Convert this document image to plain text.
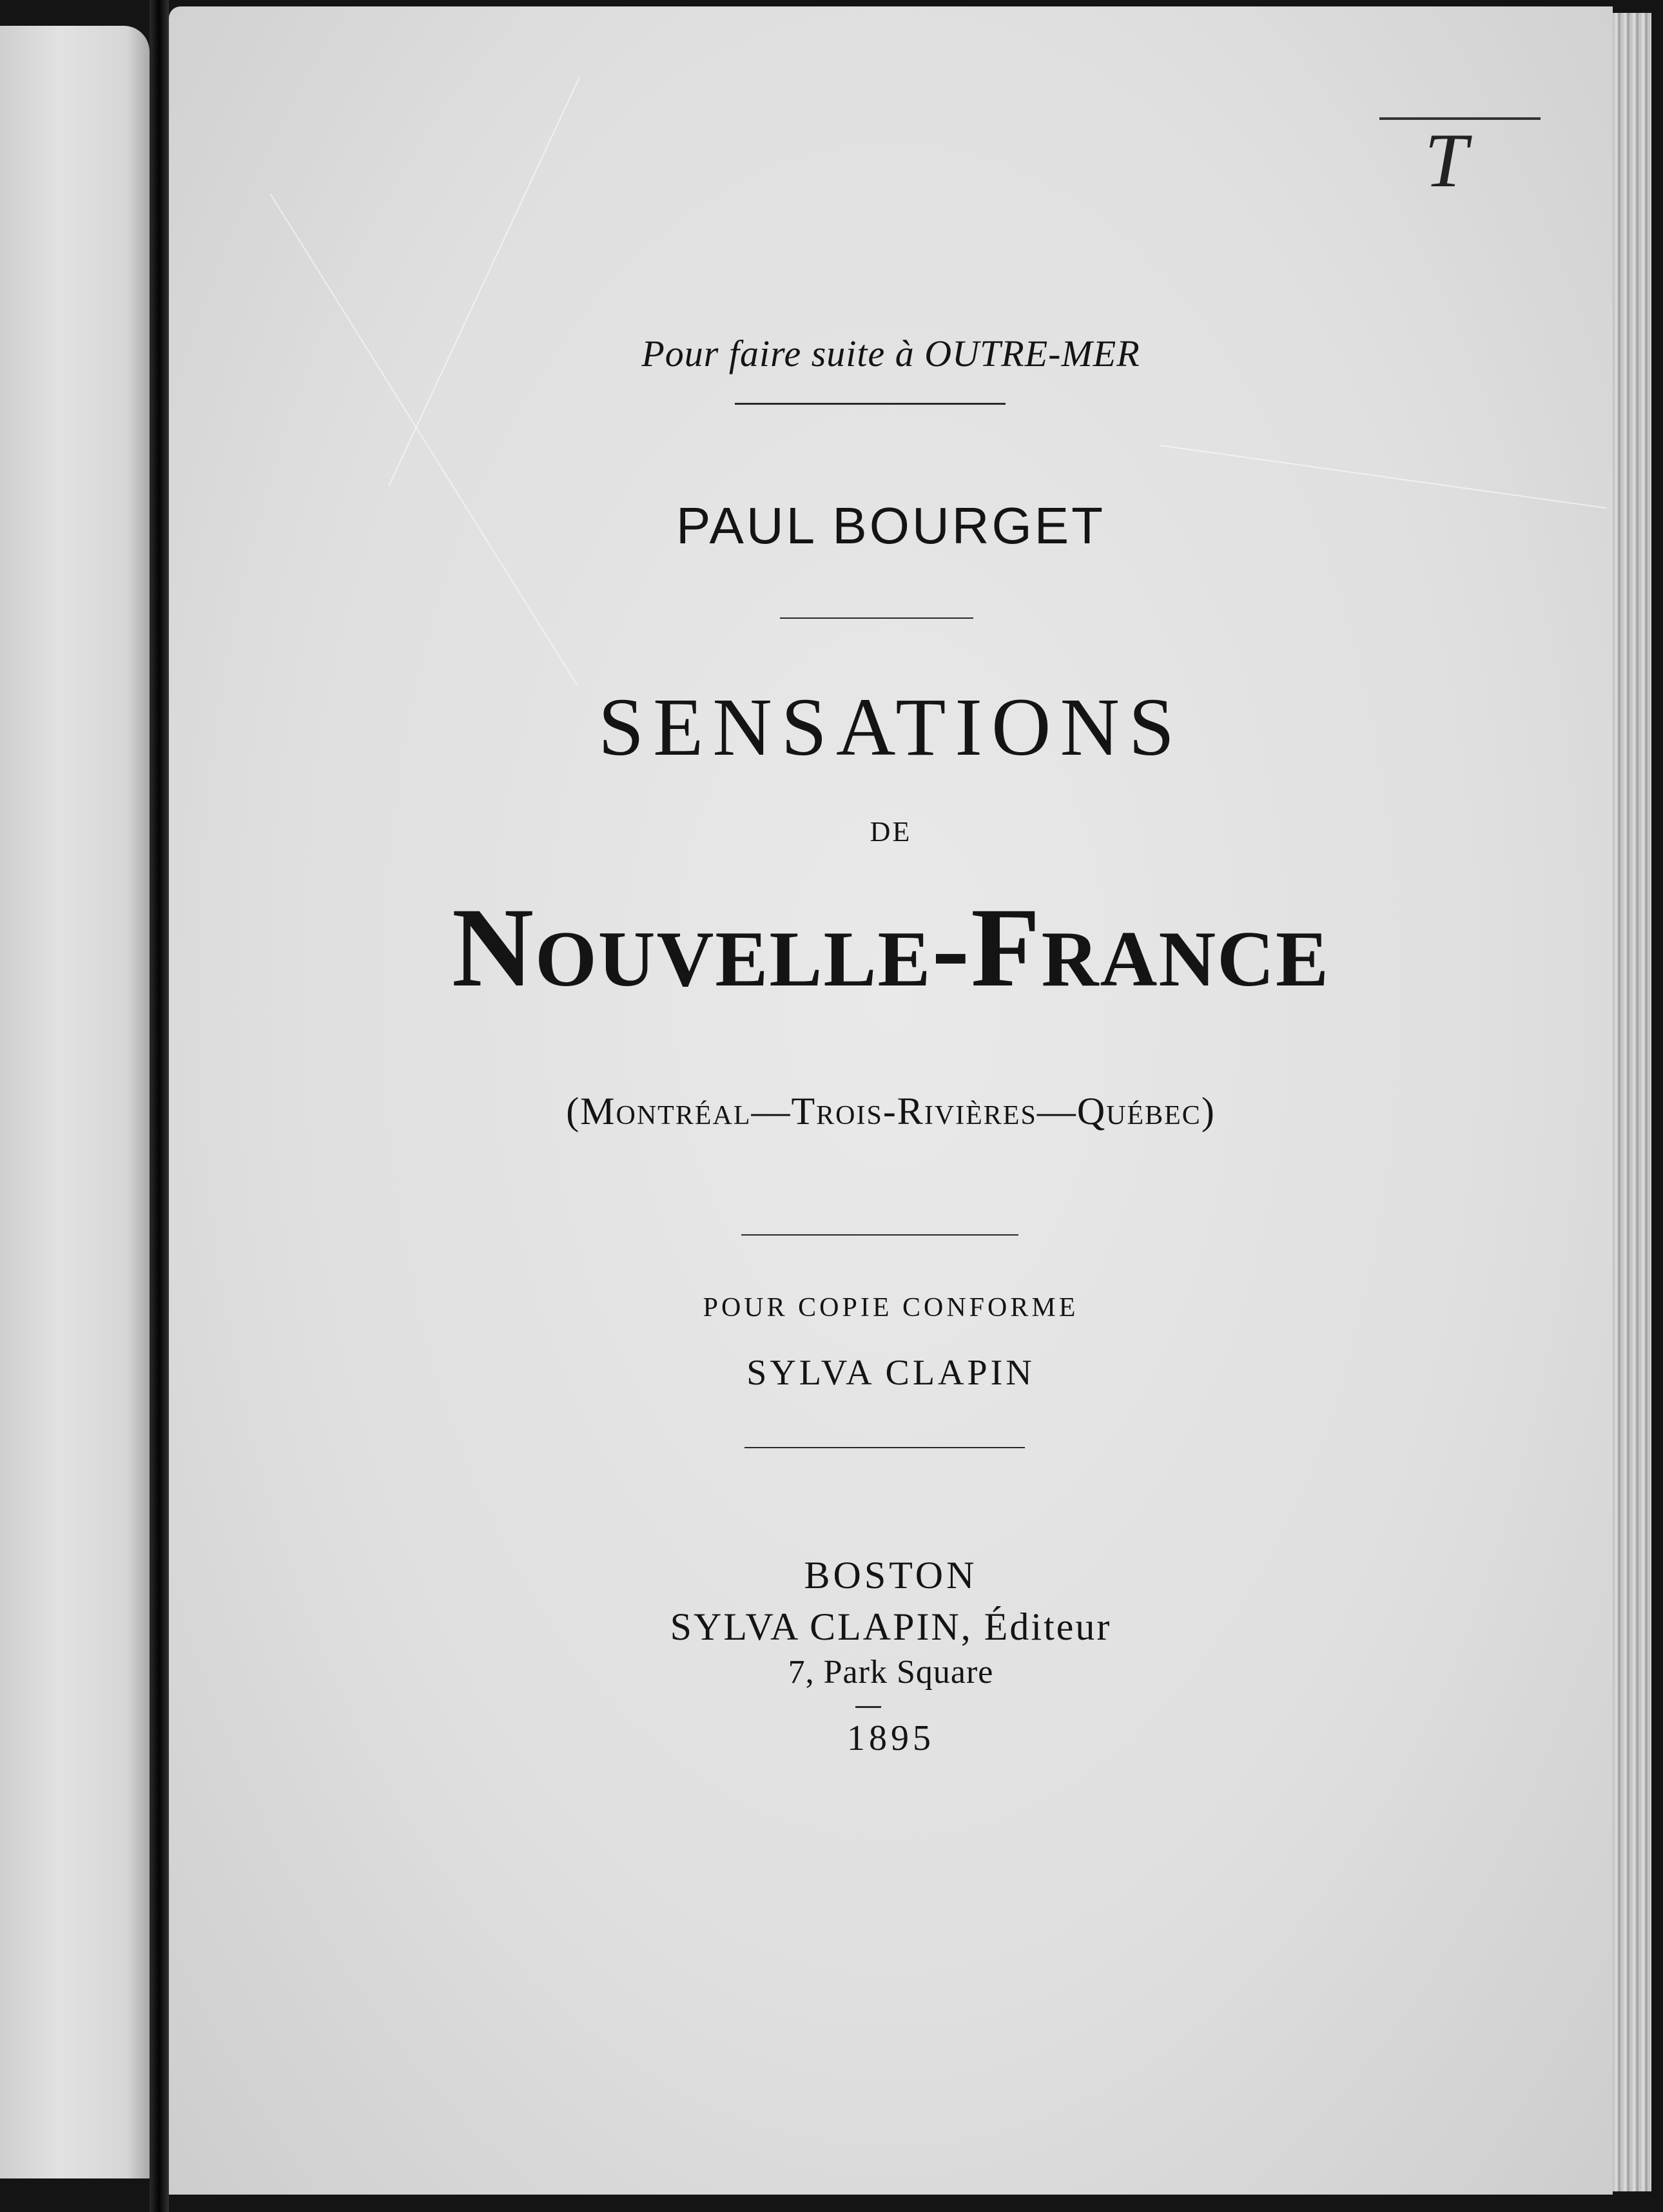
T
Pour faire suite à OUTRE-MER
PAUL BOURGET
SENSATIONS
DE
Nouvelle-France
(Montréal—Trois-Rivières—Québec)
POUR COPIE CONFORME
SYLVA CLAPIN
BOSTON
SYLVA CLAPIN, Éditeur
7, Park Square
1895
